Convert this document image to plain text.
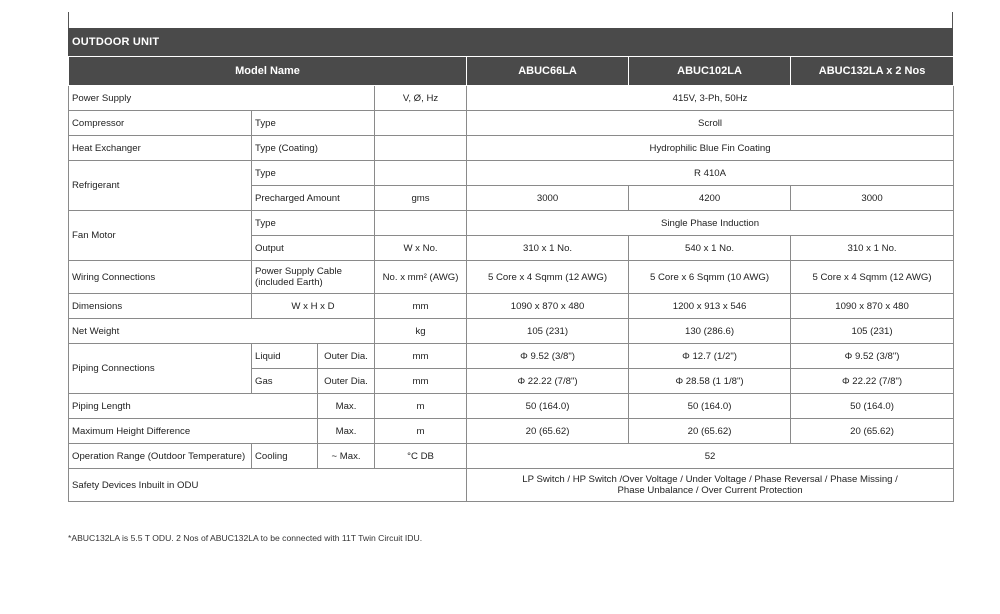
OUTDOOR UNIT
Model Name				ABUC66LA	ABUC102LA	ABUC132LA x 2 Nos
Power Supply			V, Ø, Hz	415V, 3-Ph, 50Hz		
Compressor	Type			Scroll		
Heat Exchanger	Type (Coating)			Hydrophilic Blue Fin Coating		
Refrigerant	Type			R 410A		
	Precharged Amount		gms	3000	4200	3000
Fan Motor	Type			Single Phase Induction		
	Output		W x No.	310 x 1 No.	540 x 1 No.	310 x 1 No.
Wiring Connections	Power Supply Cable (included Earth)		No. x mm² (AWG)	5 Core x 4 Sqmm (12 AWG)	5 Core x 6 Sqmm (10 AWG)	5 Core x 4 Sqmm (12 AWG)
Dimensions	W x H x D		mm	1090 x 870 x 480	1200 x 913 x 546	1090 x 870 x 480
Net Weight			kg	105 (231)	130 (286.6)	105 (231)
Piping Connections	Liquid	Outer Dia.	mm	Φ 9.52 (3/8")	Φ 12.7 (1/2")	Φ 9.52 (3/8")
	Gas	Outer Dia.	mm	Φ 22.22 (7/8")	Φ 28.58 (1 1/8")	Φ 22.22 (7/8")
Piping Length		Max.	m	50 (164.0)	50 (164.0)	50 (164.0)
Maximum Height Difference		Max.	m	20 (65.62)	20 (65.62)	20 (65.62)
Operation Range (Outdoor Temperature)	Cooling	~ Max.	°C DB	52		
Safety Devices Inbuilt in ODU				LP Switch / HP Switch /Over Voltage / Under Voltage / Phase Reversal / Phase Missing /
Phase Unbalance / Over Current Protection		
*ABUC132LA is 5.5 T ODU. 2 Nos of ABUC132LA to be connected with 11T Twin Circuit IDU.
